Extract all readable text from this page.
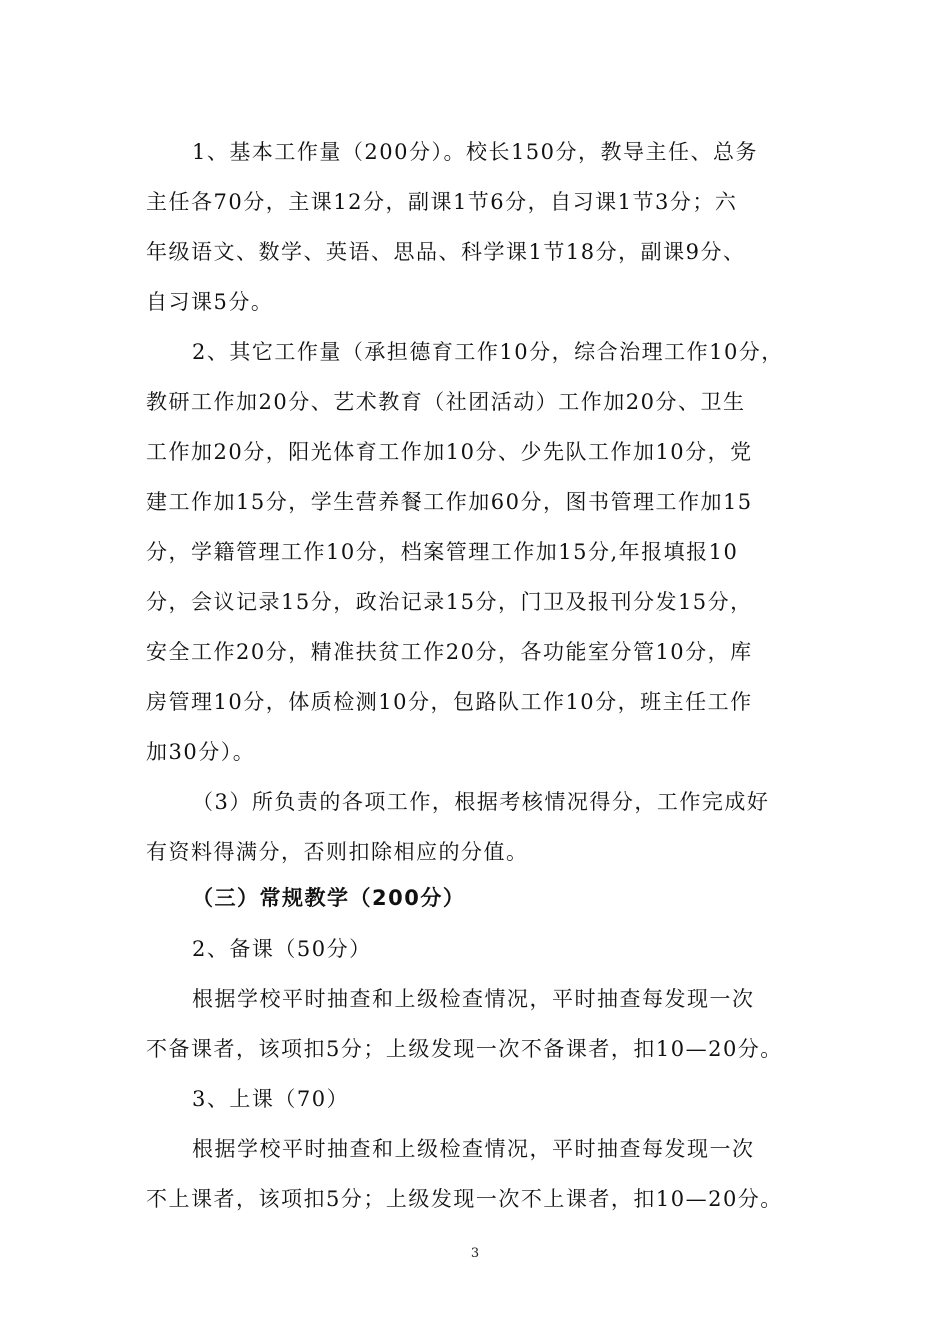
1、基本工作量（200分）。校长150分，教导主任、总务
主任各70分，主课12分，副课1节6分，自习课1节3分；六
年级语文、数学、英语、思品、科学课1节18分，副课9分、
自习课5分。
2、其它工作量（承担德育工作10分，综合治理工作10分，
教研工作加20分、艺术教育（社团活动）工作加20分、卫生
工作加20分，阳光体育工作加10分、少先队工作加10分，党
建工作加15分，学生营养餐工作加60分，图书管理工作加15
分，学籍管理工作10分，档案管理工作加15分,年报填报10
分，会议记录15分，政治记录15分，门卫及报刊分发15分，
安全工作20分，精准扶贫工作20分，各功能室分管10分，库
房管理10分，体质检测10分，包路队工作10分，班主任工作
加30分）。
（3）所负责的各项工作，根据考核情况得分，工作完成好
有资料得满分，否则扣除相应的分值。
（三）常规教学（200分）
2、备课（50分）
根据学校平时抽查和上级检查情况，平时抽查每发现一次
不备课者，该项扣5分；上级发现一次不备课者，扣10—20分。
3、上课（70）
根据学校平时抽查和上级检查情况，平时抽查每发现一次
不上课者，该项扣5分；上级发现一次不上课者，扣10—20分。
3
